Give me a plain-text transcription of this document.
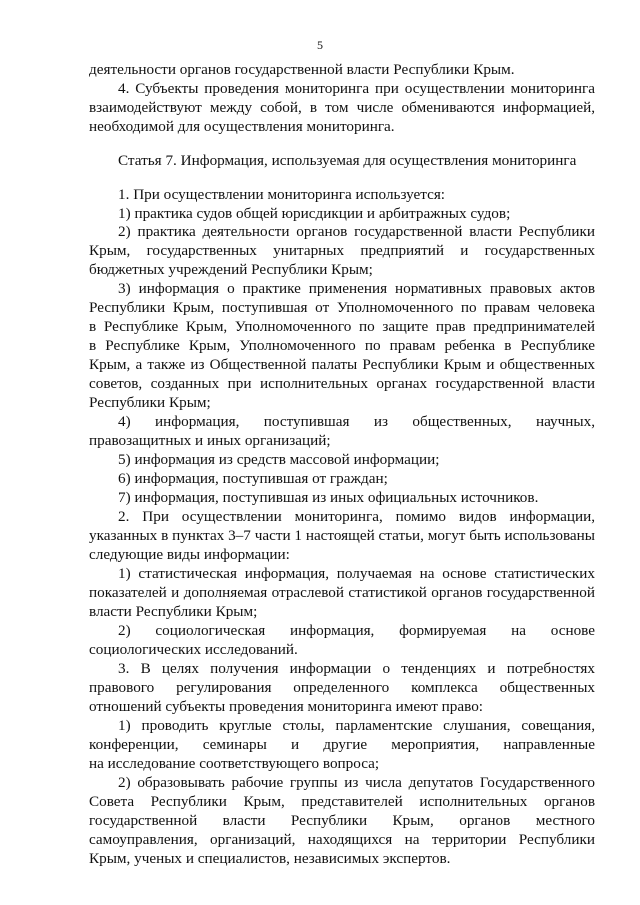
5
деятельности органов государственной власти Республики Крым.
4. Субъекты проведения мониторинга при осуществлении мониторинга
взаимодействуют между собой, в том числе обмениваются информацией,
необходимой для осуществления мониторинга.
Статья 7. Информация, используемая для осуществления мониторинга
1. При осуществлении мониторинга используется:
1) практика судов общей юрисдикции и арбитражных судов;
2) практика деятельности органов государственной власти Республики
Крым, государственных унитарных предприятий и государственных
бюджетных учреждений Республики Крым;
3) информация о практике применения нормативных правовых актов
Республики Крым, поступившая от Уполномоченного по правам человека
в Республике Крым, Уполномоченного по защите прав предпринимателей
в Республике Крым, Уполномоченного по правам ребенка в Республике
Крым, а также из Общественной палаты Республики Крым и общественных
советов, созданных при исполнительных органах государственной власти
Республики Крым;
4) информация, поступившая из общественных, научных,
правозащитных и иных организаций;
5) информация из средств массовой информации;
6) информация, поступившая от граждан;
7) информация, поступившая из иных официальных источников.
2. При осуществлении мониторинга, помимо видов информации,
указанных в пунктах 3–7 части 1 настоящей статьи, могут быть использованы
следующие виды информации:
1) статистическая информация, получаемая на основе статистических
показателей и дополняемая отраслевой статистикой органов государственной
власти Республики Крым;
2) социологическая информация, формируемая на основе
социологических исследований.
3. В целях получения информации о тенденциях и потребностях
правового регулирования определенного комплекса общественных
отношений субъекты проведения мониторинга имеют право:
1) проводить круглые столы, парламентские слушания, совещания,
конференции, семинары и другие мероприятия, направленные
на исследование соответствующего вопроса;
2) образовывать рабочие группы из числа депутатов Государственного
Совета Республики Крым, представителей исполнительных органов
государственной власти Республики Крым, органов местного
самоуправления, организаций, находящихся на территории Республики
Крым, ученых и специалистов, независимых экспертов.
